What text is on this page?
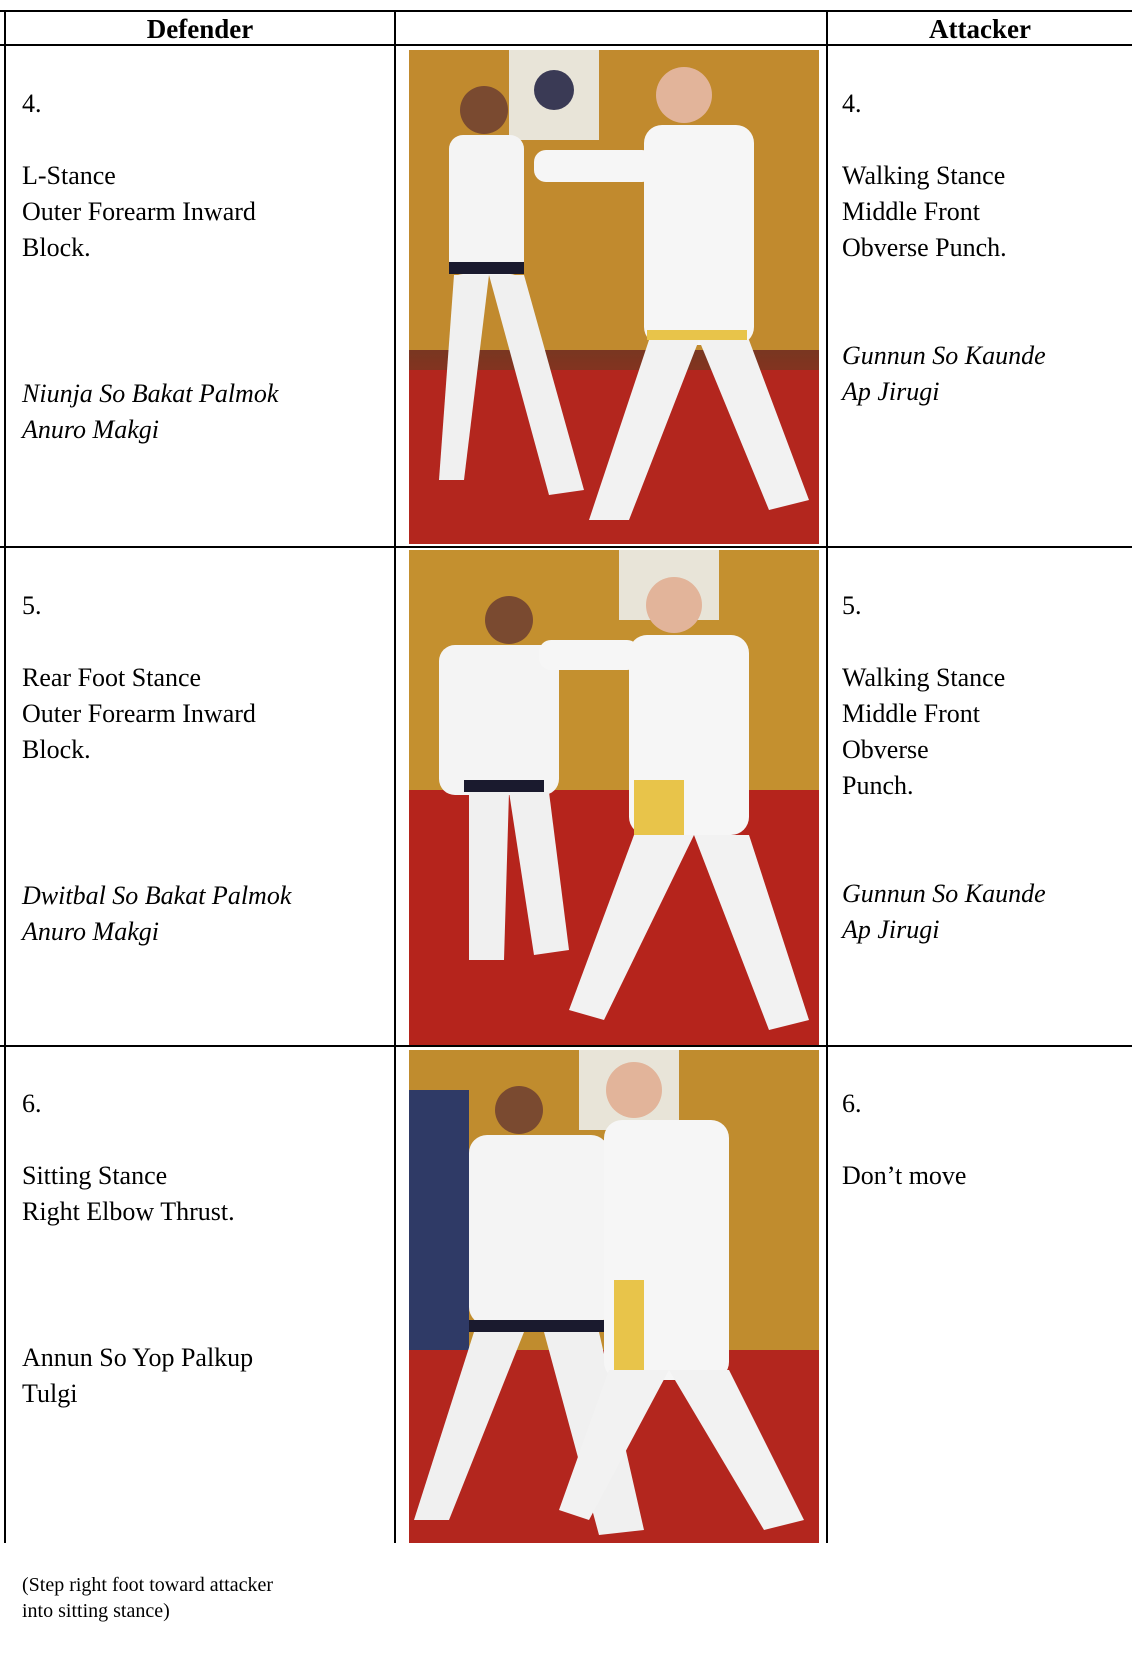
Defender	Attacker

4.

L-Stance
Outer Forearm Inward
Block.

Niunja So Bakat Palmok
Anuro Makgi

4.

Walking Stance
Middle Front
Obverse Punch.

Gunnun So Kaunde
Ap Jirugi

5.

Rear Foot Stance
Outer Forearm Inward
Block.

Dwitbal So Bakat Palmok
Anuro Makgi

5.

Walking Stance
Middle Front
Obverse
Punch.

Gunnun So Kaunde
Ap Jirugi

6.

Sitting Stance
Right Elbow Thrust.

Annun So Yop Palkup
Tulgi

(Step right foot toward attacker
into sitting stance)

6.

Don’t move
